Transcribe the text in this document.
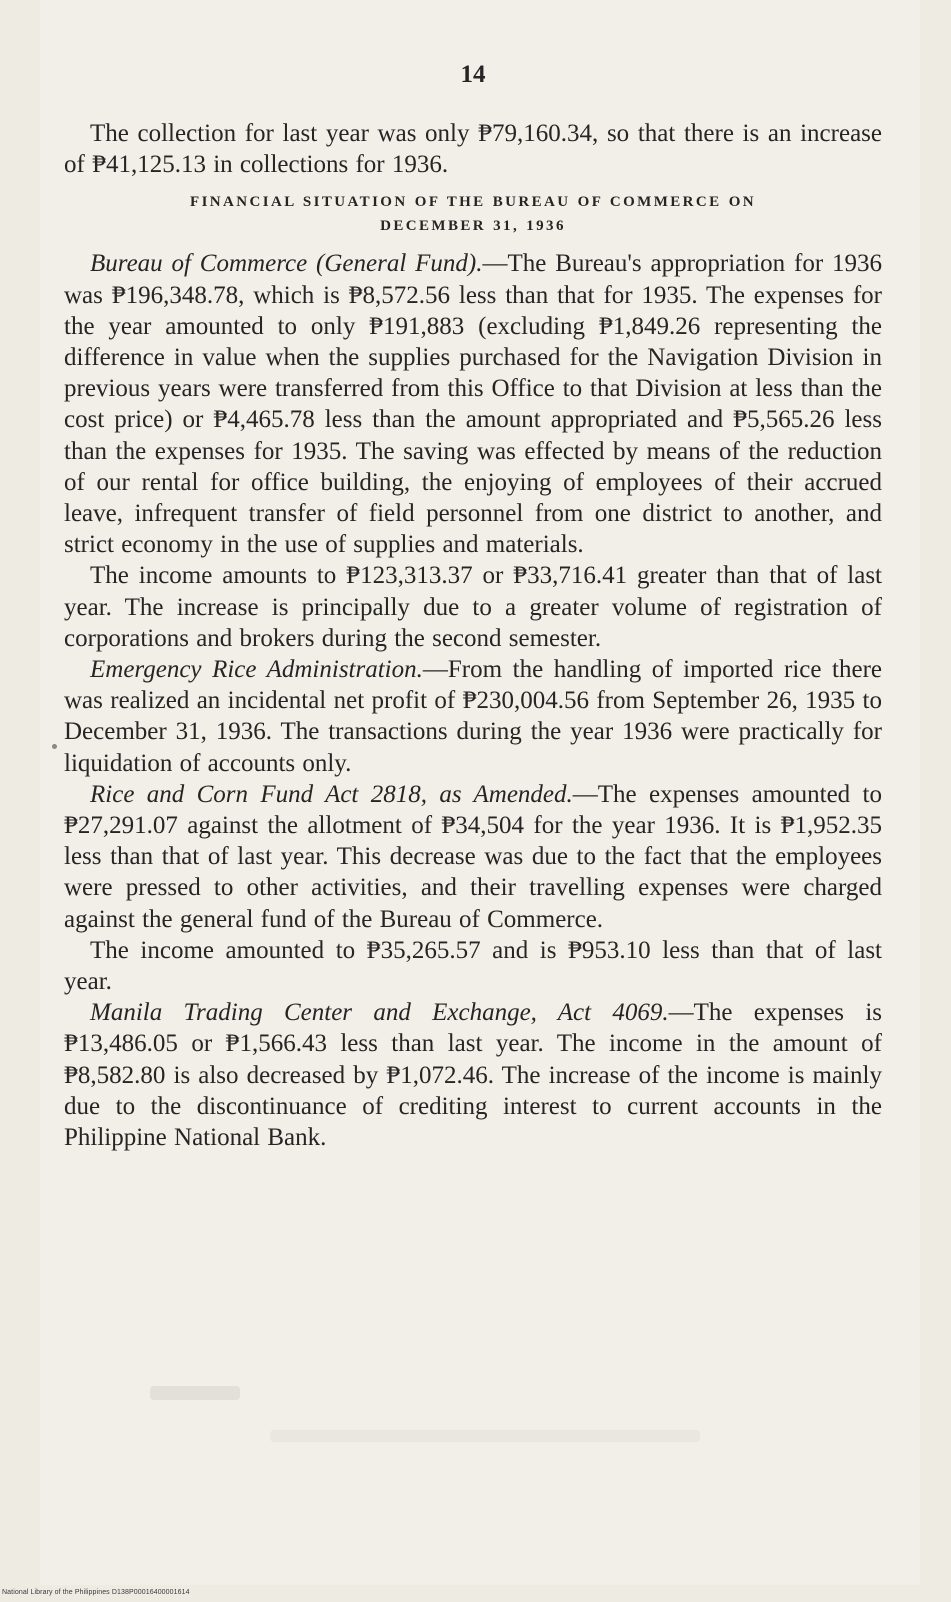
14

The collection for last year was only ₱79,160.34, so that there is an increase of ₱41,125.13 in collections for 1936.

FINANCIAL SITUATION OF THE BUREAU OF COMMERCE ON
DECEMBER 31, 1936

Bureau of Commerce (General Fund).—The Bureau's appropriation for 1936 was ₱196,348.78, which is ₱8,572.56 less than that for 1935. The expenses for the year amounted to only ₱191,883 (excluding ₱1,849.26 representing the difference in value when the supplies purchased for the Navigation Division in previous years were transferred from this Office to that Division at less than the cost price) or ₱4,465.78 less than the amount appropriated and ₱5,565.26 less than the expenses for 1935. The saving was effected by means of the reduction of our rental for office building, the enjoying of employees of their accrued leave, infrequent transfer of field personnel from one district to another, and strict economy in the use of supplies and materials.

The income amounts to ₱123,313.37 or ₱33,716.41 greater than that of last year. The increase is principally due to a greater volume of registration of corporations and brokers during the second semester.

Emergency Rice Administration.—From the handling of imported rice there was realized an incidental net profit of ₱230,004.56 from September 26, 1935 to December 31, 1936. The transactions during the year 1936 were practically for liquidation of accounts only.

Rice and Corn Fund Act 2818, as Amended.—The expenses amounted to ₱27,291.07 against the allotment of ₱34,504 for the year 1936. It is ₱1,952.35 less than that of last year. This decrease was due to the fact that the employees were pressed to other activities, and their travelling expenses were charged against the general fund of the Bureau of Commerce.

The income amounted to ₱35,265.57 and is ₱953.10 less than that of last year.

Manila Trading Center and Exchange, Act 4069.—The expenses is ₱13,486.05 or ₱1,566.43 less than last year. The income in the amount of ₱8,582.80 is also decreased by ₱1,072.46. The increase of the income is mainly due to the discontinuance of crediting interest to current accounts in the Philippine National Bank.

National Library of the Philippines D138P00016400001614
